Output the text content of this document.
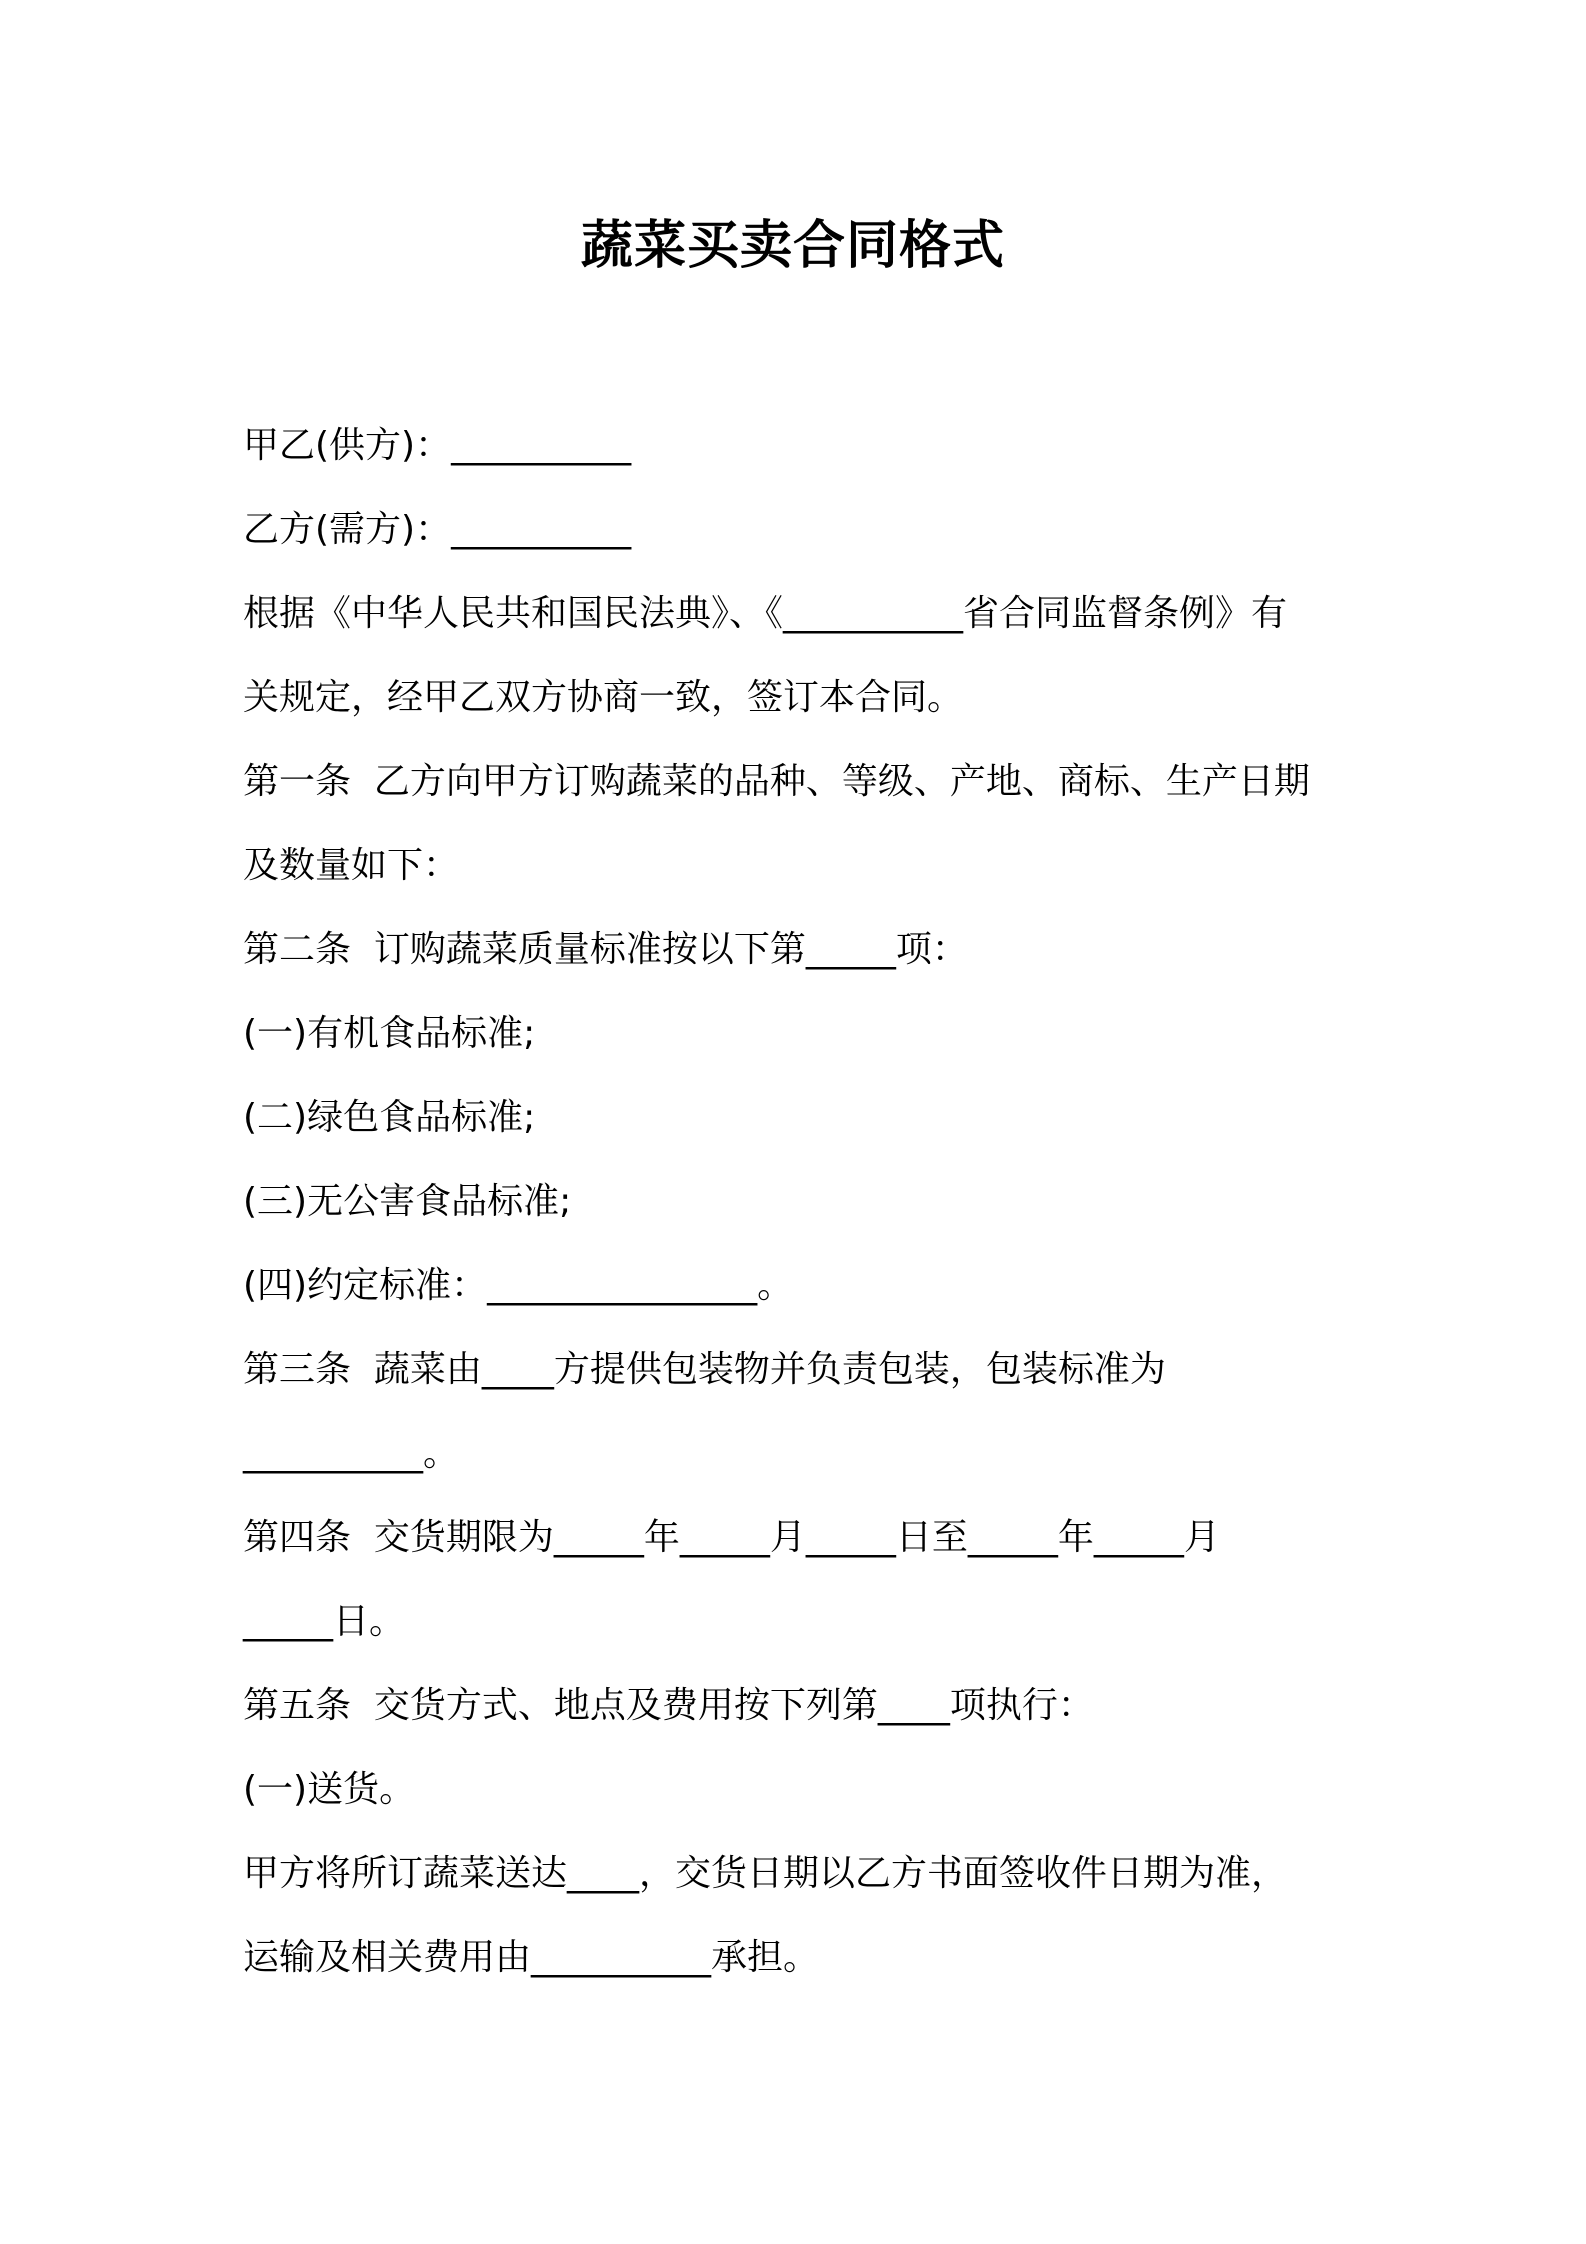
蔬菜买卖合同格式
甲乙(供方)：__________
乙方(需方)：__________
根据《中华人民共和国民法典》、《__________省合同监督条例》有
关规定，经甲乙双方协商一致，签订本合同。
第一条  乙方向甲方订购蔬菜的品种、等级、产地、商标、生产日期
及数量如下：
第二条  订购蔬菜质量标准按以下第_____项：
(一)有机食品标准;
(二)绿色食品标准;
(三)无公害食品标准;
(四)约定标准：_______________。
第三条  蔬菜由____方提供包装物并负责包装，包装标准为
__________。
第四条  交货期限为_____年_____月_____日至_____年_____月
_____日。
第五条  交货方式、地点及费用按下列第____项执行：
(一)送货。
甲方将所订蔬菜送达____，交货日期以乙方书面签收件日期为准，
运输及相关费用由__________承担。
